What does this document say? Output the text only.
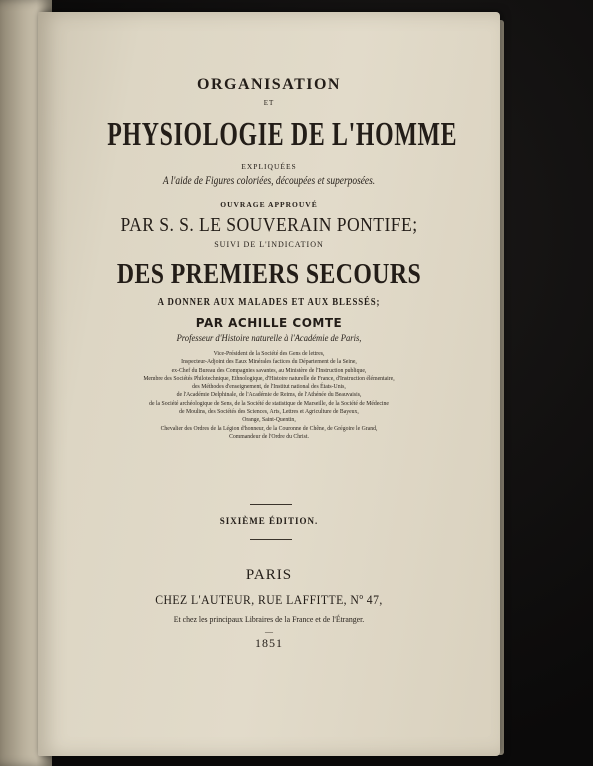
ORGANISATION
ET
PHYSIOLOGIE DE L'HOMME
EXPLIQUÉES
A l'aide de Figures coloriées, découpées et superposées.
OUVRAGE APPROUVÉ
PAR S. S. LE SOUVERAIN PONTIFE;
SUIVI DE L'INDICATION
DES PREMIERS SECOURS
A DONNER AUX MALADES ET AUX BLESSÉS;
PAR ACHILLE COMTE
Professeur d'Histoire naturelle à l'Académie de Paris,
Vice-Président de la Société des Gens de lettres,
Inspecteur-Adjoint des Eaux Minérales factices du Département de la Seine,
ex-Chef du Bureau des Compagnies savantes, au Ministère de l'Instruction publique,
Membre des Sociétés Philotechnique, Ethnologique, d'Histoire naturelle de France, d'Instruction élémentaire,
des Méthodes d'enseignement, de l'Institut national des États-Unis,
de l'Académie Delphinale, de l'Académie de Reims, de l'Athénée du Beauvaisis,
de la Société archéologique de Sens, de la Société de statistique de Marseille, de la Société de Médecine
de Moulins, des Sociétés des Sciences, Arts, Lettres et Agriculture de Bayeux,
Orange, Saint-Quentin,
Chevalier des Ordres de la Légion d'honneur, de la Couronne de Chêne, de Grégoire le Grand,
Commandeur de l'Ordre du Christ.
SIXIÈME ÉDITION.
PARIS
CHEZ L'AUTEUR, RUE LAFFITTE, Nº 47,
Et chez les principaux Libraires de la France et de l'Étranger.
—
1851
